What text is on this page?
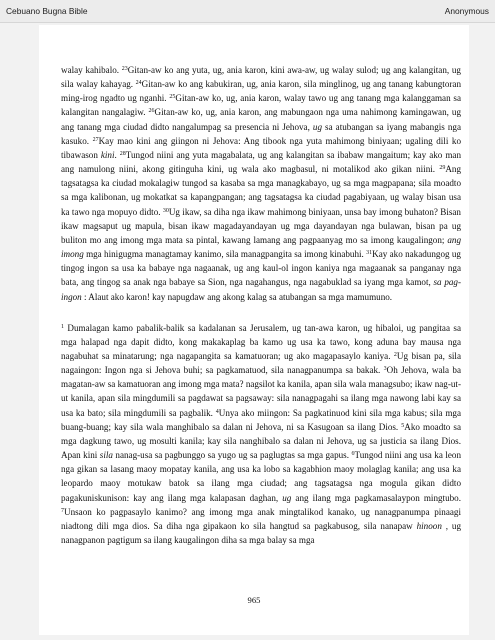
Cebuano Bugna Bible	Anonymous

walay kahibalo. $^{23}$Gitan-aw ko ang yuta, ug, ania karon, kini awa-aw, ug walay sulod; ug ang kalangitan, ug sila walay kahayag. $^{24}$Gitan-aw ko ang kabukiran, ug, ania karon, sila minglinog, ug ang tanang kabungtoran ming-irog ngadto ug nganhi. $^{25}$Gitan-aw ko, ug, ania karon, walay tawo ug ang tanang mga kalanggaman sa kalangitan nangalagiw. $^{26}$Gitan-aw ko, ug, ania karon, ang mabungaon nga uma nahimong kamingawan, ug ang tanang mga ciudad didto nangalumpag sa presencia ni Jehova, ug sa atubangan sa iyang mabangis nga kasuko. $^{27}$Kay mao kini ang giingon ni Jehova: Ang tibook nga yuta mahimong biniyaan; ugaling dili ko tibawason kini. $^{28}$Tungod niini ang yuta magabalata, ug ang kalangitan sa ibabaw mangaitum; kay ako man ang namulong niini, akong gitinguha kini, ug wala ako magbasul, ni motalikod ako gikan niini. $^{29}$Ang tagsatagsa ka ciudad mokalagiw tungod sa kasaba sa mga managkabayo, ug sa mga magpapana; sila moadto sa mga kalibonan, ug mokatkat sa kapangpangan; ang tagsatagsa ka ciudad pagabiyaan, ug walay bisan usa ka tawo nga mopuyo didto. $^{30}$Ug ikaw, sa diha nga ikaw mahimong biniyaan, unsa bay imong buhaton? Bisan ikaw magsaput ug mapula, bisan ikaw magadayandayan ug mga dayandayan nga bulawan, bisan pa ug buliton mo ang imong mga mata sa pintal, kawang lamang ang pagpaanyag mo sa imong kaugalingon; ang imong mga hinigugma managtamay kanimo, sila managpangita sa imong kinabuhi. $^{31}$Kay ako nakadungog ug tingog ingon sa usa ka babaye nga nagaanak, ug ang kaul-ol ingon kaniya nga magaanak sa panganay nga bata, ang tingog sa anak nga babaye sa Sion, nga nagahangus, nga nagabuklad sa iyang mga kamot, sa pag-ingon : Alaut ako karon! kay napugdaw ang akong kalag sa atubangan sa mga mamumuno.

$^1$ Dumalagan kamo pabalik-balik sa kadalanan sa Jerusalem, ug tan-awa karon, ug hibaloi, ug pangitaa sa mga halapad nga dapit didto, kong makakaplag ba kamo ug usa ka tawo, kong aduna bay mausa nga nagabuhat sa minatarung; nga nagapangita sa kamatuoran; ug ako magapasaylo kaniya. $^2$Ug bisan pa, sila nagaingon: Ingon nga si Jehova buhi; sa pagkamatuod, sila nanagpanumpa sa bakak. $^3$Oh Jehova, wala ba magatan-aw sa kamatuoran ang imong mga mata? nagsilot ka kanila, apan sila wala managsubo; ikaw nag-ut-ut kanila, apan sila mingdumili sa pagdawat sa pagsaway: sila nanagpagahi sa ilang mga nawong labi kay sa usa ka bato; sila mingdumili sa pagbalik. $^4$Unya ako miingon: Sa pagkatinuod kini sila mga kabus; sila mga buang-buang; kay sila wala manghibalo sa dalan ni Jehova, ni sa Kasugoan sa ilang Dios. $^5$Ako moadto sa mga dagkung tawo, ug mosulti kanila; kay sila nanghibalo sa dalan ni Jehova, ug sa justicia sa ilang Dios. Apan kini sila nanag-usa sa pagbunggo sa yugo ug sa paglugtas sa mga gapus. $^6$Tungod niini ang usa ka leon nga gikan sa lasang maoy mopatay kanila, ang usa ka lobo sa kagabhion maoy molaglag kanila; ang usa ka leopardo maoy motukaw batok sa ilang mga ciudad; ang tagsatagsa nga mogula gikan didto pagakuniskunison: kay ang ilang mga kalapasan daghan, ug ang ilang mga pagkamasalaypon mingtubo. $^7$Unsaon ko pagpasaylo kanimo? ang imong mga anak mingtalikod kanako, ug nanagpanumpa pinaagi niadtong dili mga dios. Sa diha nga gipakaon ko sila hangtud sa pagkabusog, sila nanapaw hinoon , ug nanagpanon pagtigum sa ilang kaugalingon diha sa mga balay sa mga

965
